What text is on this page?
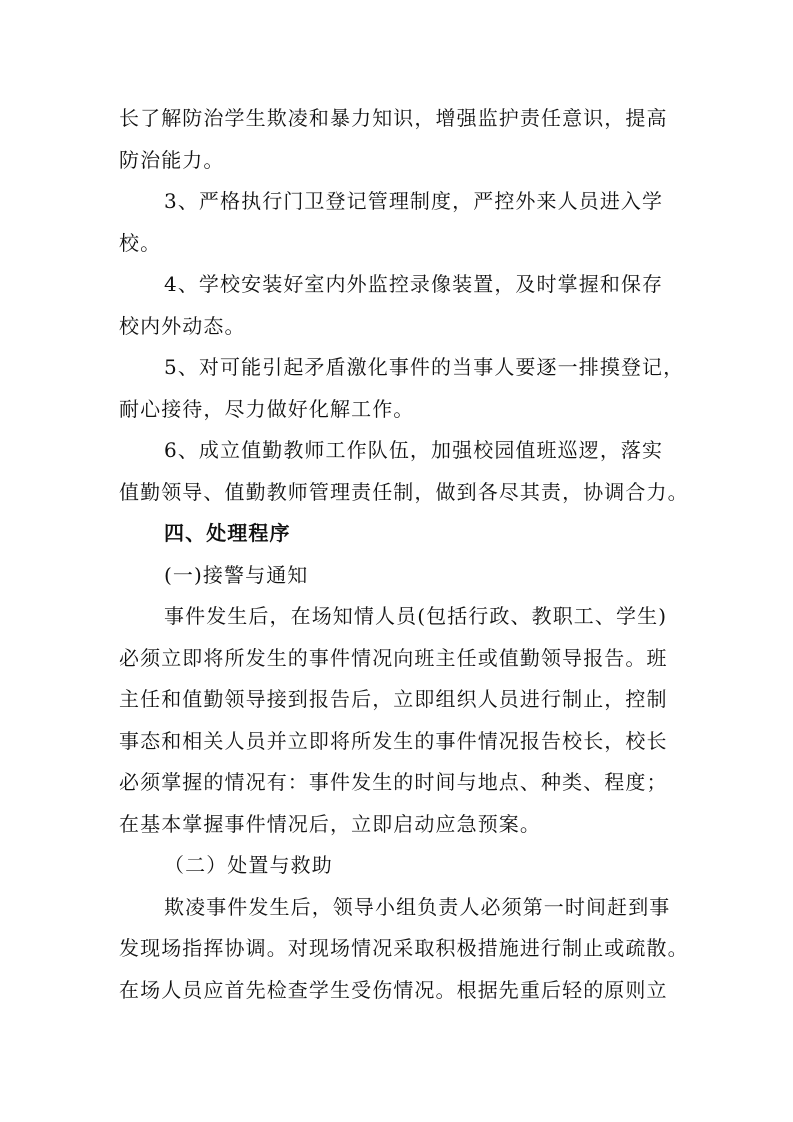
长了解防治学生欺凌和暴力知识，增强监护责任意识，提高
防治能力。
3、严格执行门卫登记管理制度，严控外来人员进入学
校。
4、学校安装好室内外监控录像装置，及时掌握和保存
校内外动态。
5、对可能引起矛盾激化事件的当事人要逐一排摸登记，
耐心接待，尽力做好化解工作。
6、成立值勤教师工作队伍，加强校园值班巡逻，落实
值勤领导、值勤教师管理责任制，做到各尽其责，协调合力。
四、处理程序
(一)接警与通知
事件发生后，在场知情人员(包括行政、教职工、学生)
必须立即将所发生的事件情况向班主任或值勤领导报告。班
主任和值勤领导接到报告后，立即组织人员进行制止，控制
事态和相关人员并立即将所发生的事件情况报告校长，校长
必须掌握的情况有：事件发生的时间与地点、种类、程度；
在基本掌握事件情况后，立即启动应急预案。
（二）处置与救助
欺凌事件发生后，领导小组负责人必须第一时间赶到事
发现场指挥协调。对现场情况采取积极措施进行制止或疏散。
在场人员应首先检查学生受伤情况。根据先重后轻的原则立
